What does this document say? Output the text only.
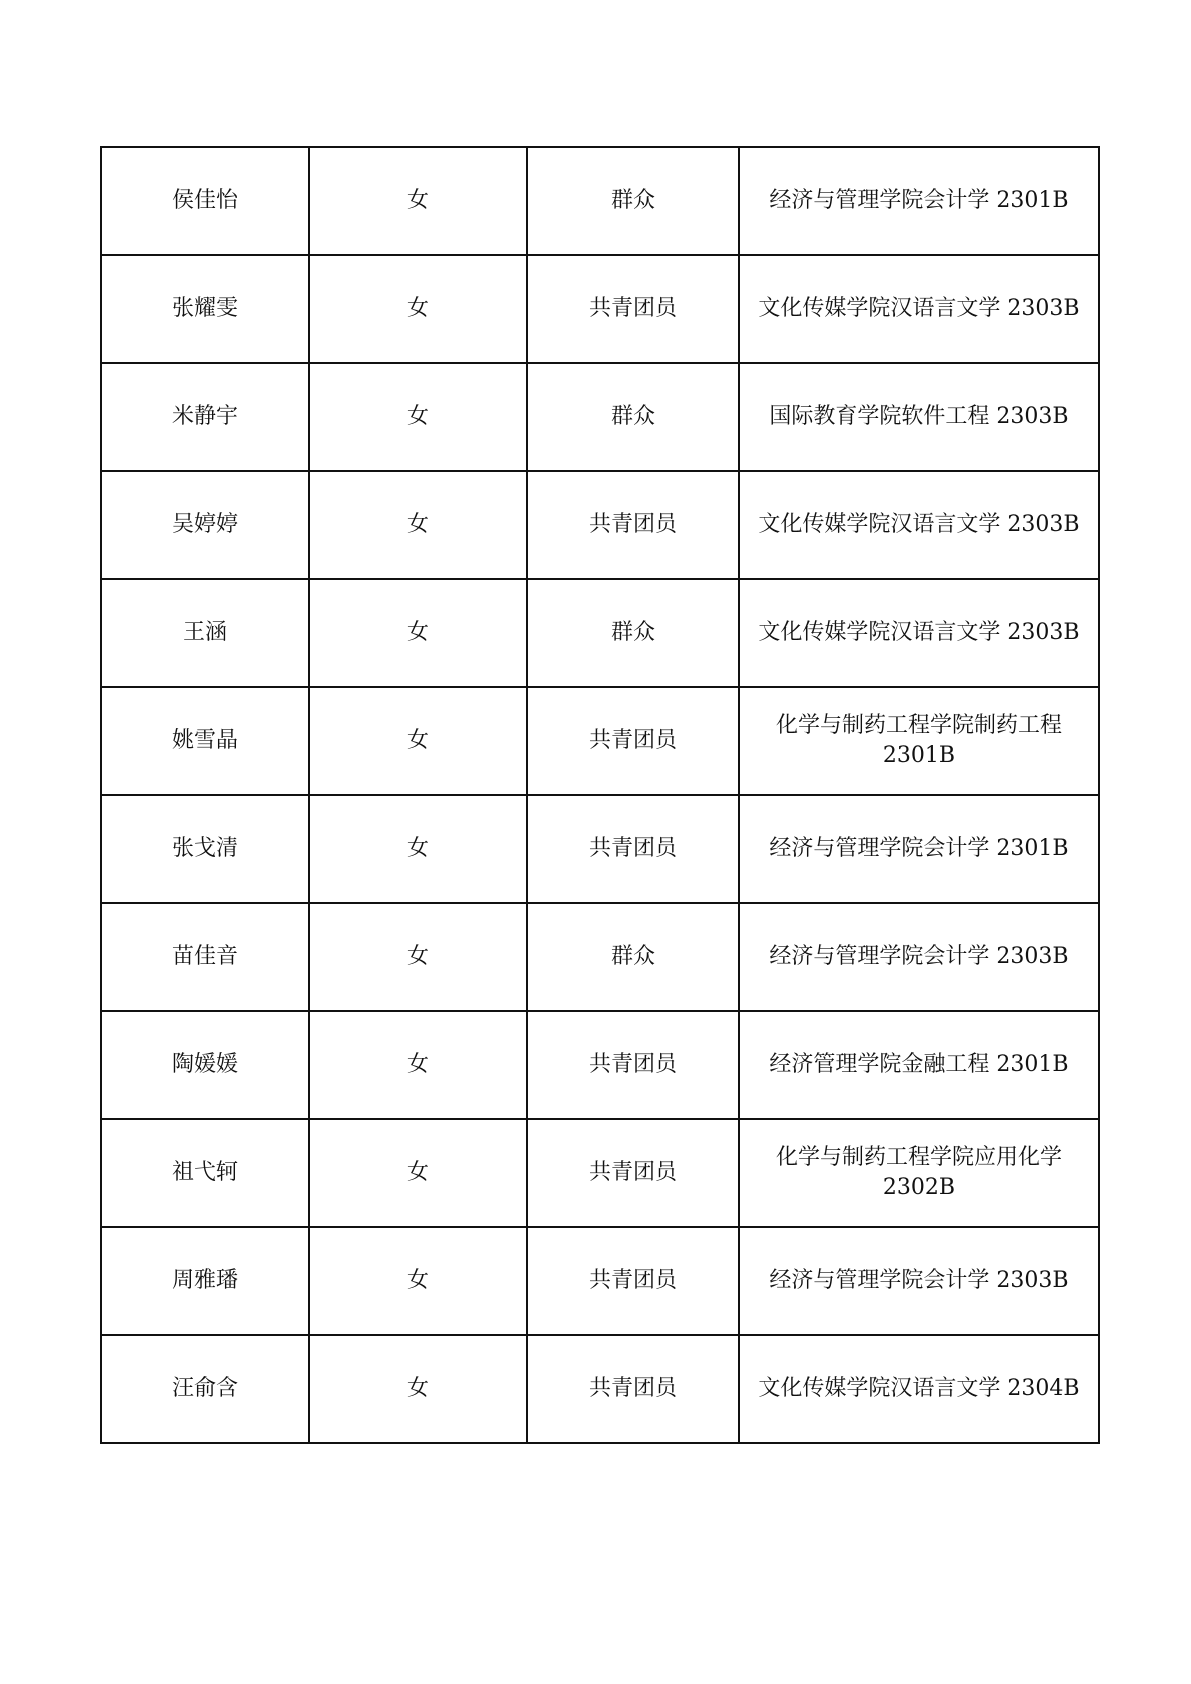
侯佳怡	女	群众	经济与管理学院会计学 2301B
张耀雯	女	共青团员	文化传媒学院汉语言文学 2303B
米静宇	女	群众	国际教育学院软件工程 2303B
吴婷婷	女	共青团员	文化传媒学院汉语言文学 2303B
王涵	女	群众	文化传媒学院汉语言文学 2303B
姚雪晶	女	共青团员	化学与制药工程学院制药工程 2301B
张戈清	女	共青团员	经济与管理学院会计学 2301B
苗佳音	女	群众	经济与管理学院会计学 2303B
陶媛媛	女	共青团员	经济管理学院金融工程 2301B
祖弋轲	女	共青团员	化学与制药工程学院应用化学 2302B
周雅璠	女	共青团员	经济与管理学院会计学 2303B
汪俞含	女	共青团员	文化传媒学院汉语言文学 2304B
